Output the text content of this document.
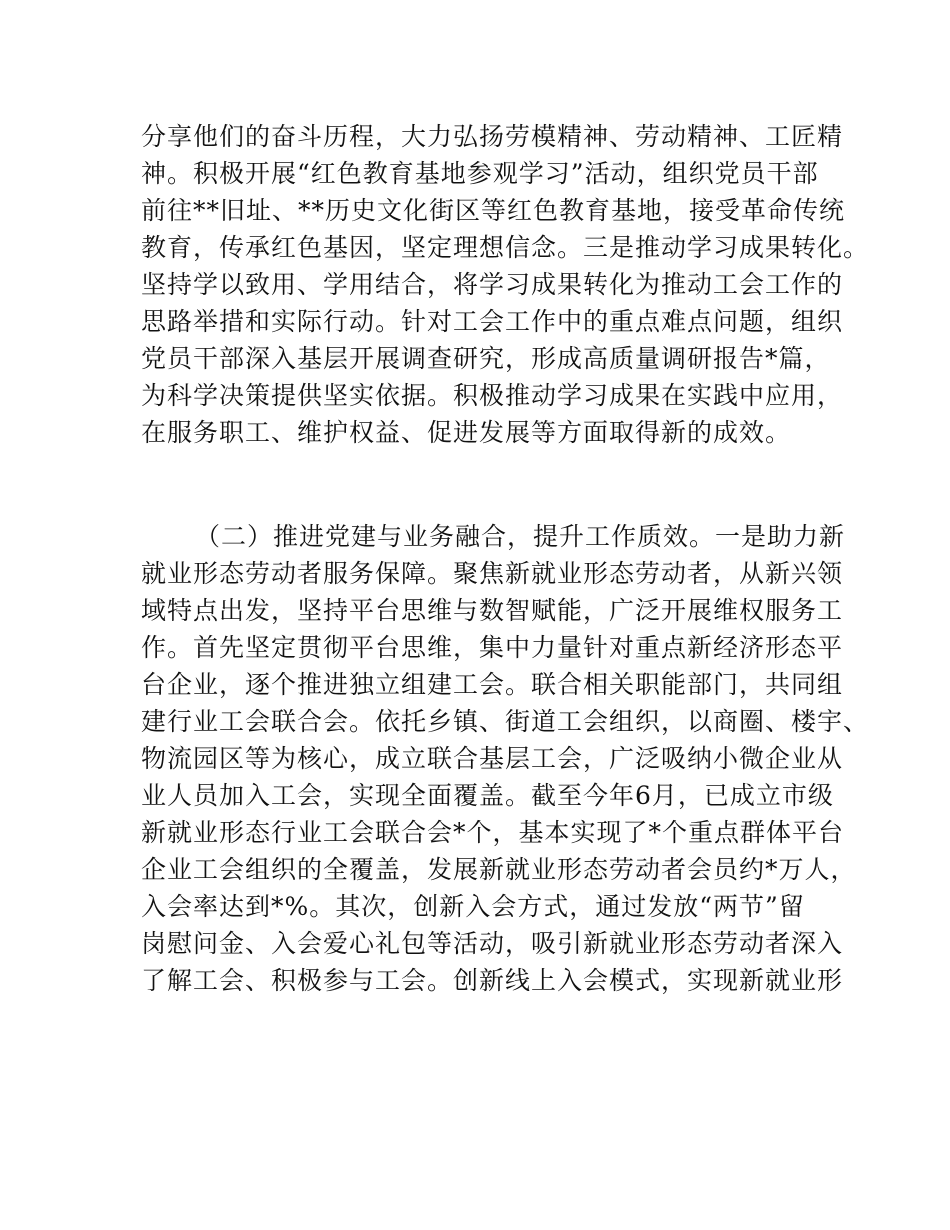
分享他们的奋斗历程，大力弘扬劳模精神、劳动精神、工匠精
神。积极开展“红色教育基地参观学习”活动，组织党员干部
前往**旧址、**历史文化街区等红色教育基地，接受革命传统
教育，传承红色基因，坚定理想信念。三是推动学习成果转化。
坚持学以致用、学用结合，将学习成果转化为推动工会工作的
思路举措和实际行动。针对工会工作中的重点难点问题，组织
党员干部深入基层开展调查研究，形成高质量调研报告*篇，
为科学决策提供坚实依据。积极推动学习成果在实践中应用，
在服务职工、维护权益、促进发展等方面取得新的成效。
（二）推进党建与业务融合，提升工作质效。一是助力新
就业形态劳动者服务保障。聚焦新就业形态劳动者，从新兴领
域特点出发，坚持平台思维与数智赋能，广泛开展维权服务工
作。首先坚定贯彻平台思维，集中力量针对重点新经济形态平
台企业，逐个推进独立组建工会。联合相关职能部门，共同组
建行业工会联合会。依托乡镇、街道工会组织，以商圈、楼宇、
物流园区等为核心，成立联合基层工会，广泛吸纳小微企业从
业人员加入工会，实现全面覆盖。截至今年6月，已成立市级
新就业形态行业工会联合会*个，基本实现了*个重点群体平台
企业工会组织的全覆盖，发展新就业形态劳动者会员约*万人，
入会率达到*%。其次，创新入会方式，通过发放“两节”留
岗慰问金、入会爱心礼包等活动，吸引新就业形态劳动者深入
了解工会、积极参与工会。创新线上入会模式，实现新就业形
